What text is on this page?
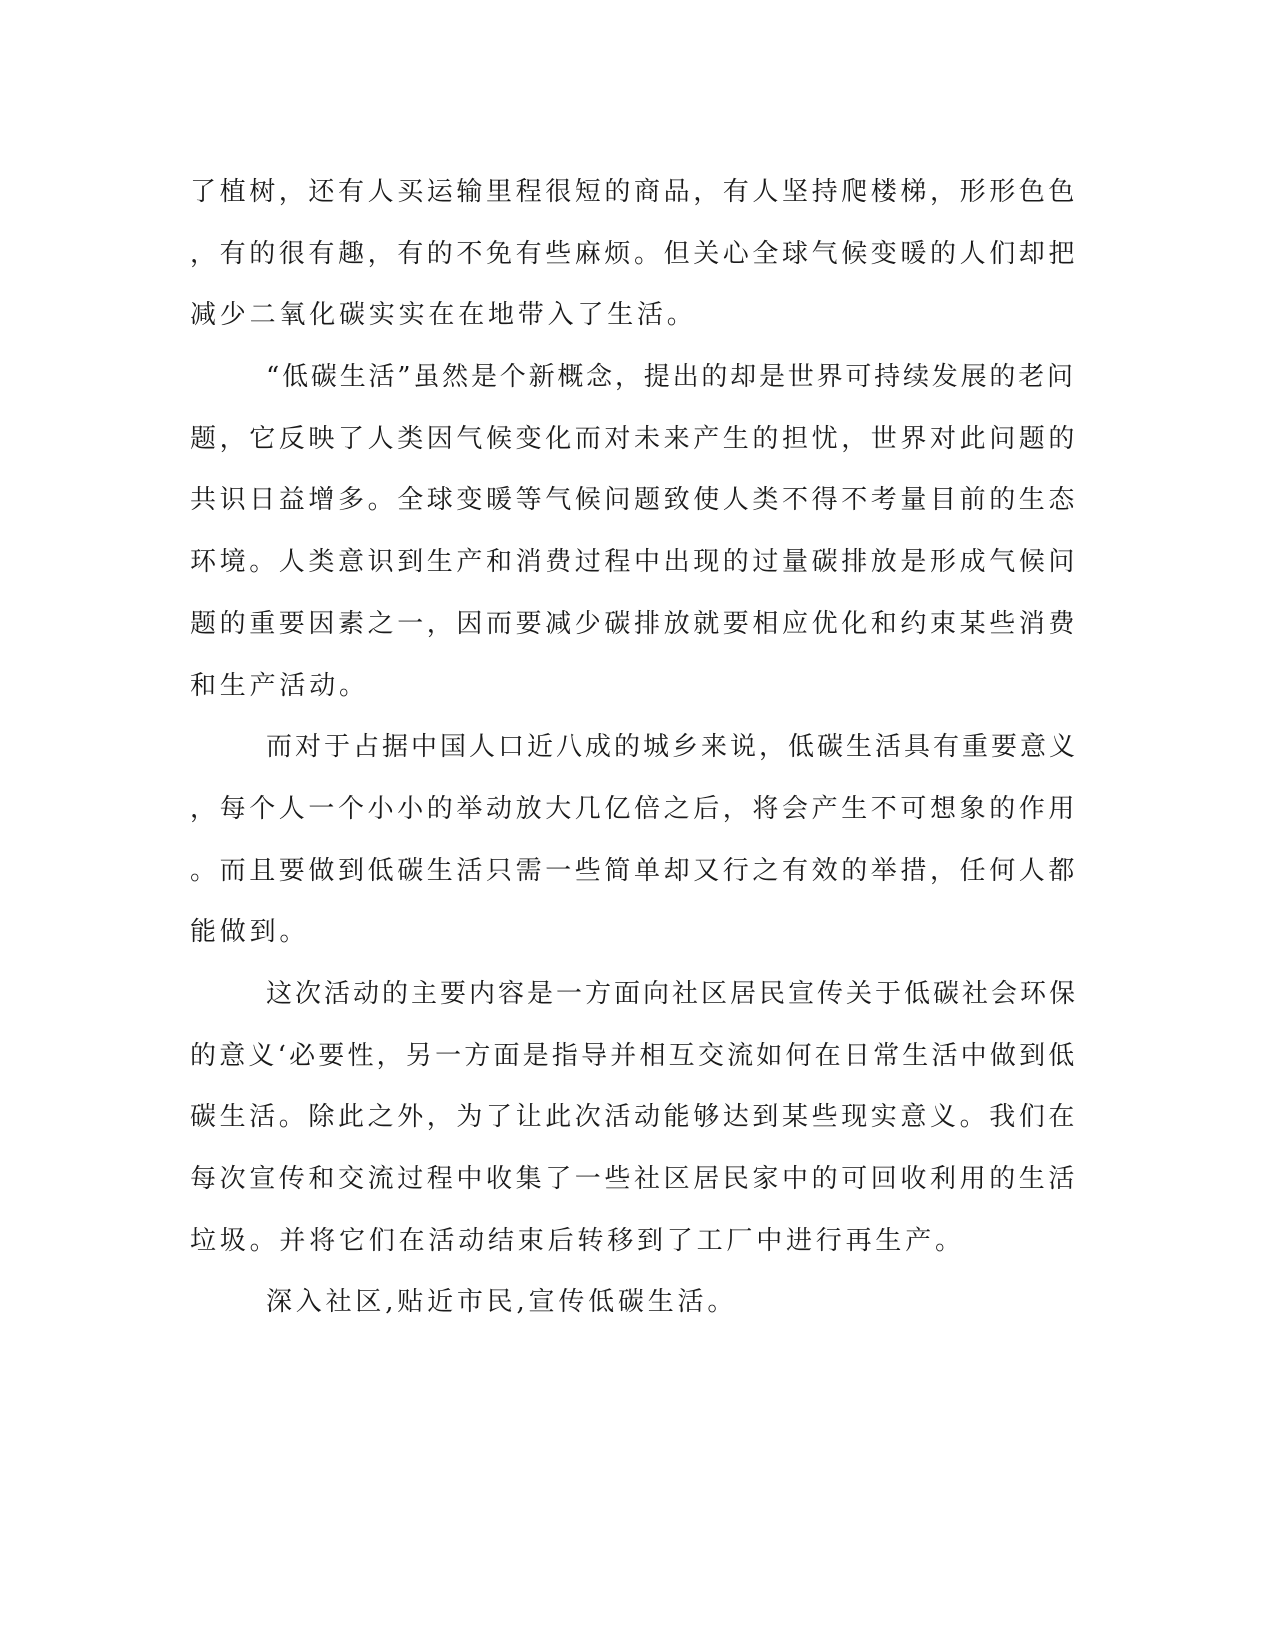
了植树，还有人买运输里程很短的商品，有人坚持爬楼梯，形形色色
，有的很有趣，有的不免有些麻烦。但关心全球气候变暖的人们却把
减少二氧化碳实实在在地带入了生活。
“低碳生活”虽然是个新概念，提出的却是世界可持续发展的老问
题，它反映了人类因气候变化而对未来产生的担忧，世界对此问题的
共识日益增多。全球变暖等气候问题致使人类不得不考量目前的生态
环境。人类意识到生产和消费过程中出现的过量碳排放是形成气候问
题的重要因素之一，因而要减少碳排放就要相应优化和约束某些消费
和生产活动。
而对于占据中国人口近八成的城乡来说，低碳生活具有重要意义
，每个人一个小小的举动放大几亿倍之后，将会产生不可想象的作用
。而且要做到低碳生活只需一些简单却又行之有效的举措，任何人都
能做到。
这次活动的主要内容是一方面向社区居民宣传关于低碳社会环保
的意义‘必要性，另一方面是指导并相互交流如何在日常生活中做到低
碳生活。除此之外，为了让此次活动能够达到某些现实意义。我们在
每次宣传和交流过程中收集了一些社区居民家中的可回收利用的生活
垃圾。并将它们在活动结束后转移到了工厂中进行再生产。
深入社区,贴近市民,宣传低碳生活。
